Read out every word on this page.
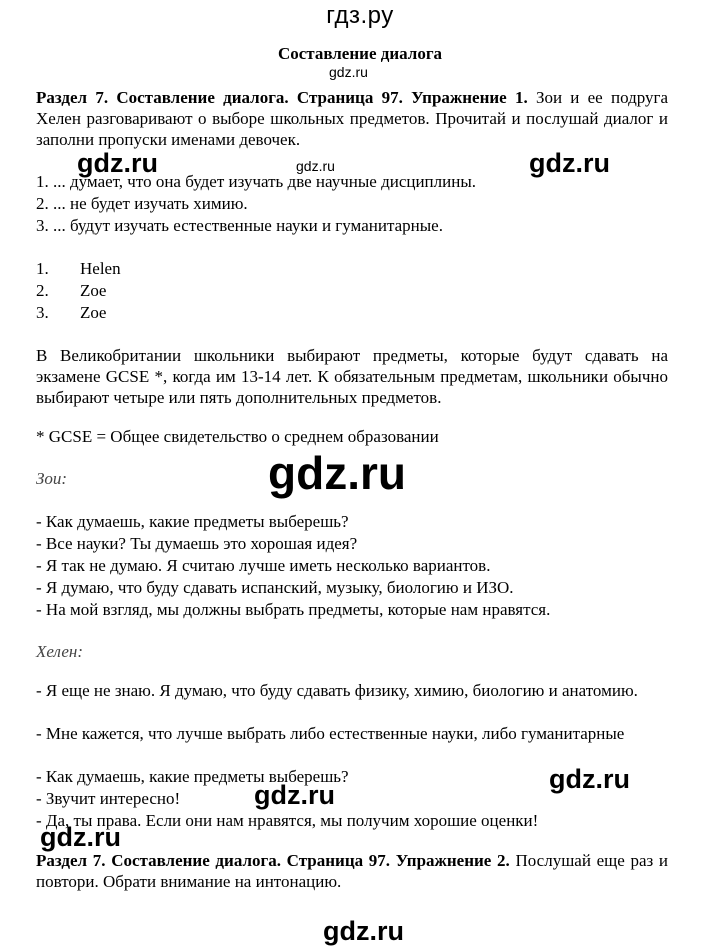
гдз.ру
Составление диалога
gdz.ru
Раздел 7. Составление диалога. Страница 97. Упражнение 1. Зои и ее подруга Хелен разговаривают о выборе школьных предметов. Прочитай и послушай диалог и заполни пропуски именами девочек.
gdz.ru	gdz.ru	gdz.ru
1. ... думает, что она будет изучать две научные дисциплины.
2. ... не будет изучать химию.
3. ... будут изучать естественные науки и гуманитарные.
1. Helen
2. Zoe
3. Zoe
В Великобритании школьники выбирают предметы, которые будут сдавать на экзамене GCSE *, когда им 13-14 лет. К обязательным предметам, школьники обычно выбирают четыре или пять дополнительных предметов.
* GCSE = Общее свидетельство о среднем образовании
gdz.ru
Зои:
- Как думаешь, какие предметы выберешь?
- Все науки? Ты думаешь это хорошая идея?
- Я так не думаю. Я считаю лучше иметь несколько вариантов.
- Я думаю, что буду сдавать испанский, музыку, биологию и ИЗО.
- На мой взгляд, мы должны выбрать предметы, которые нам нравятся.
Хелен:
- Я еще не знаю. Я думаю, что буду сдавать физику, химию, биологию и анатомию.
- Мне кажется, что лучше выбрать либо естественные науки, либо гуманитарные
- Как думаешь, какие предметы выберешь?
- Звучит интересно!
- Да, ты права. Если они нам нравятся, мы получим хорошие оценки!
gdz.ru
gdz.ru
gdz.ru
Раздел 7. Составление диалога. Страница 97. Упражнение 2. Послушай еще раз и повтори. Обрати внимание на интонацию.
gdz.ru
